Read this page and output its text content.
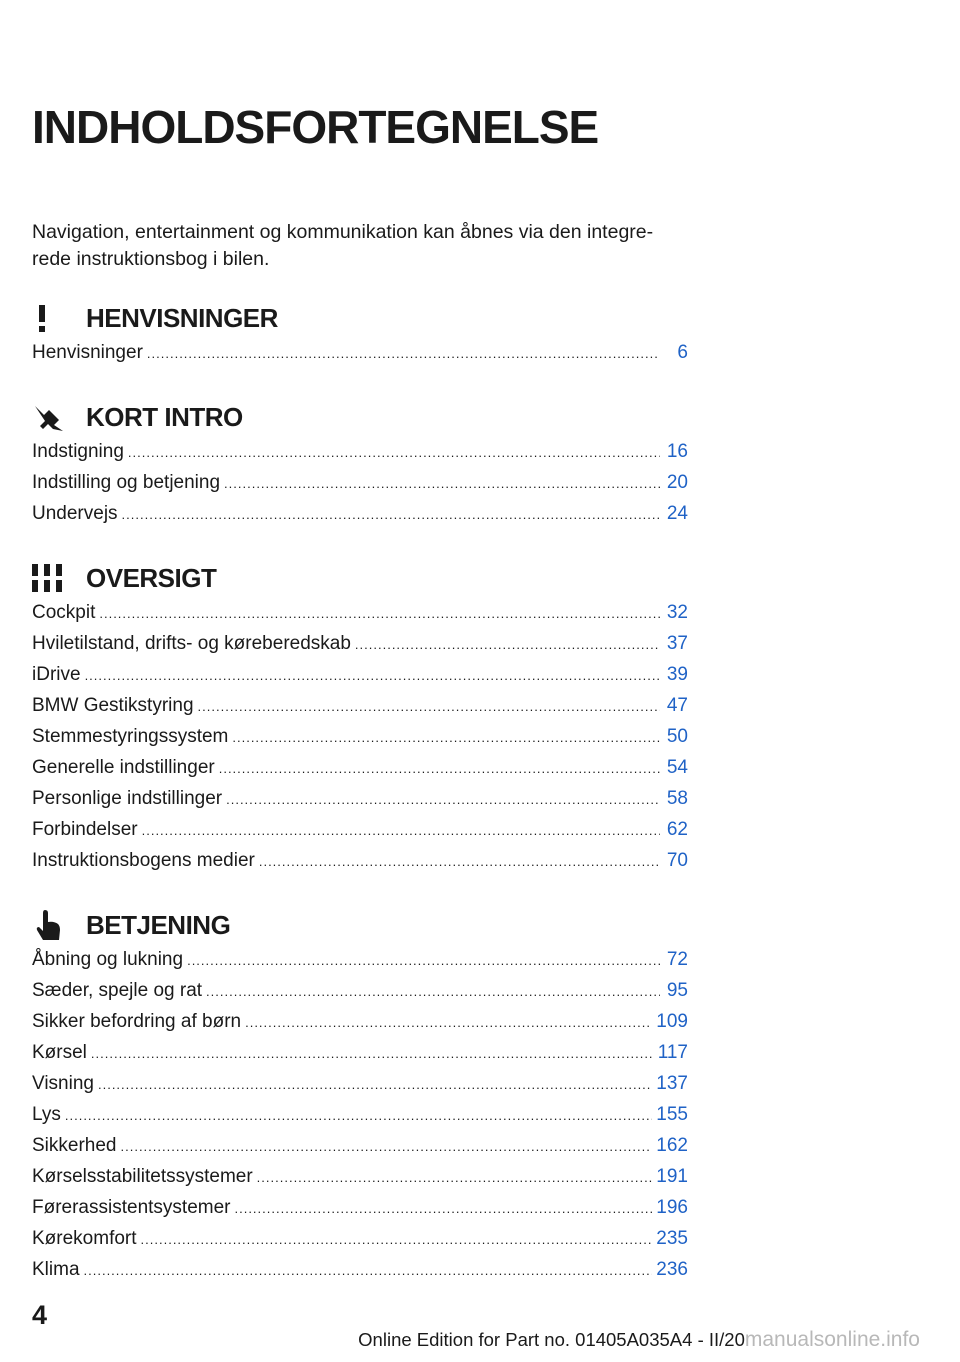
INDHOLDSFORTEGNELSE

Navigation, entertainment og kommunikation kan åbnes via den integre-rede instruktionsbog i bilen.

HENVISNINGER
Henvisninger .....	6
KORT INTRO
Indstigning .....	16
Indstilling og betjening .....	20
Undervejs .....	24
OVERSIGT
Cockpit .....	32
Hviletilstand, drifts- og køreberedskab .....	37
iDrive .....	39
BMW Gestikstyring .....	47
Stemmestyringssystem .....	50
Generelle indstillinger .....	54
Personlige indstillinger .....	58
Forbindelser .....	62
Instruktionsbogens medier .....	70
BETJENING
Åbning og lukning .....	72
Sæder, spejle og rat .....	95
Sikker befordring af børn .....	109
Kørsel .....	117
Visning .....	137
Lys .....	155
Sikkerhed .....	162
Kørselsstabilitetssystemer .....	191
Førerassistentsystemer .....	196
Kørekomfort .....	235
Klima .....	236
4
Online Edition for Part no. 01405A035A4 - II/20manualsonline.info
